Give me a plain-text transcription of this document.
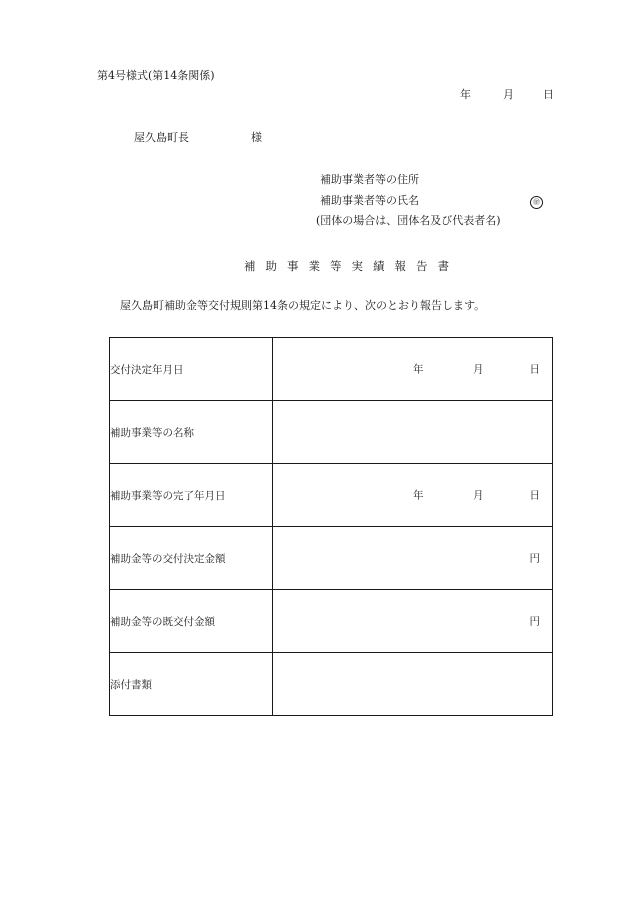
第4号様式(第14条関係)
年	月	日
屋久島町長	様
補助事業者等の住所
補助事業者等の氏名	㊞
(団体の場合は、団体名及び代表者名)
補助事業等実績報告書
屋久島町補助金等交付規則第14条の規定により、次のとおり報告します。
交付決定年月日	年 月 日

補助事業等の名称	
補助事業等の完了年月日	年 月 日

補助金等の交付決定金額	円

補助金等の既交付金額	円

添付書類	
